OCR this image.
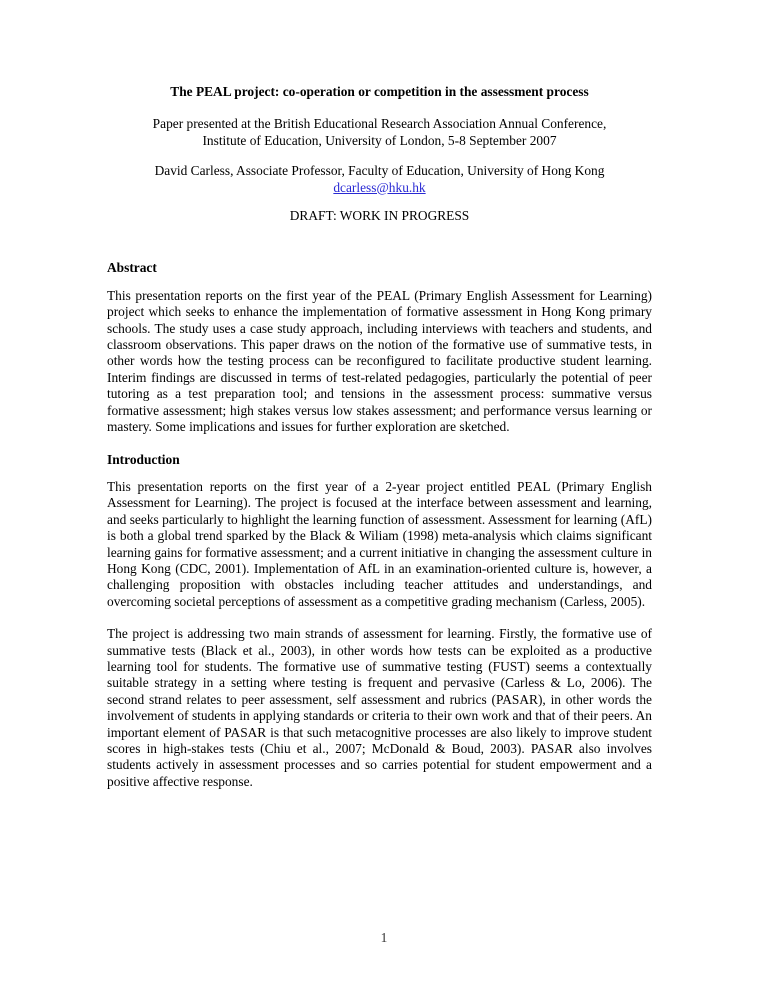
The PEAL project: co-operation or competition in the assessment process

Paper presented at the British Educational Research Association Annual Conference,

Institute of Education, University of London, 5-8 September 2007

David Carless, Associate Professor, Faculty of Education, University of Hong Kong

dcarless@hku.hk

DRAFT: WORK IN PROGRESS

Abstract

This presentation reports on the first year of the PEAL (Primary English Assessment for Learning) project which seeks to enhance the implementation of formative assessment in Hong Kong primary schools. The study uses a case study approach, including interviews with teachers and students, and classroom observations. This paper draws on the notion of the formative use of summative tests, in other words how the testing process can be reconfigured to facilitate productive student learning. Interim findings are discussed in terms of test-related pedagogies, particularly the potential of peer tutoring as a test preparation tool; and tensions in the assessment process: summative versus formative assessment; high stakes versus low stakes assessment; and performance versus learning or mastery. Some implications and issues for further exploration are sketched.

Introduction

This presentation reports on the first year of a 2-year project entitled PEAL (Primary English Assessment for Learning). The project is focused at the interface between assessment and learning, and seeks particularly to highlight the learning function of assessment. Assessment for learning (AfL) is both a global trend sparked by the Black & Wiliam (1998) meta-analysis which claims significant learning gains for formative assessment; and a current initiative in changing the assessment culture in Hong Kong (CDC, 2001). Implementation of AfL in an examination-oriented culture is, however, a challenging proposition with obstacles including teacher attitudes and understandings, and overcoming societal perceptions of assessment as a competitive grading mechanism (Carless, 2005).

The project is addressing two main strands of assessment for learning. Firstly, the formative use of summative tests (Black et al., 2003), in other words how tests can be exploited as a productive learning tool for students. The formative use of summative testing (FUST) seems a contextually suitable strategy in a setting where testing is frequent and pervasive (Carless & Lo, 2006). The second strand relates to peer assessment, self assessment and rubrics (PASAR), in other words the involvement of students in applying standards or criteria to their own work and that of their peers. An important element of PASAR is that such metacognitive processes are also likely to improve student scores in high-stakes tests (Chiu et al., 2007; McDonald & Boud, 2003). PASAR also involves students actively in assessment processes and so carries potential for student empowerment and a positive affective response.

1
